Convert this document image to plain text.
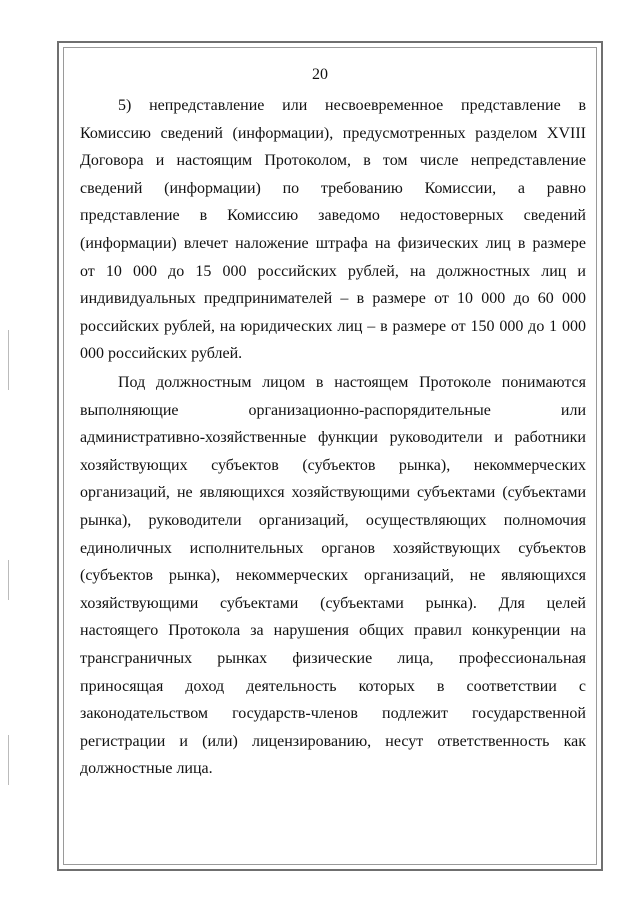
20
5) непредставление или несвоевременное представление в
Комиссию сведений (информации), предусмотренных разделом XVIII
Договора и настоящим Протоколом, в том числе непредставление
сведений (информации) по требованию Комиссии, а равно
представление в Комиссию заведомо недостоверных сведений
(информации) влечет наложение штрафа на физических лиц в размере
от 10 000 до 15 000 российских рублей, на должностных лиц и
индивидуальных предпринимателей – в размере от 10 000 до 60 000
российских рублей, на юридических лиц – в размере от 150 000 до 1 000
000 российских рублей.
Под должностным лицом в настоящем Протоколе понимаются
выполняющие организационно-распорядительные или
административно-хозяйственные функции руководители и работники
хозяйствующих субъектов (субъектов рынка), некоммерческих
организаций, не являющихся хозяйствующими субъектами (субъектами
рынка), руководители организаций, осуществляющих полномочия
единоличных исполнительных органов хозяйствующих субъектов
(субъектов рынка), некоммерческих организаций, не являющихся
хозяйствующими субъектами (субъектами рынка). Для целей
настоящего Протокола за нарушения общих правил конкуренции на
трансграничных рынках физические лица, профессиональная
приносящая доход деятельность которых в соответствии с
законодательством государств-членов подлежит государственной
регистрации и (или) лицензированию, несут ответственность как
должностные лица.
